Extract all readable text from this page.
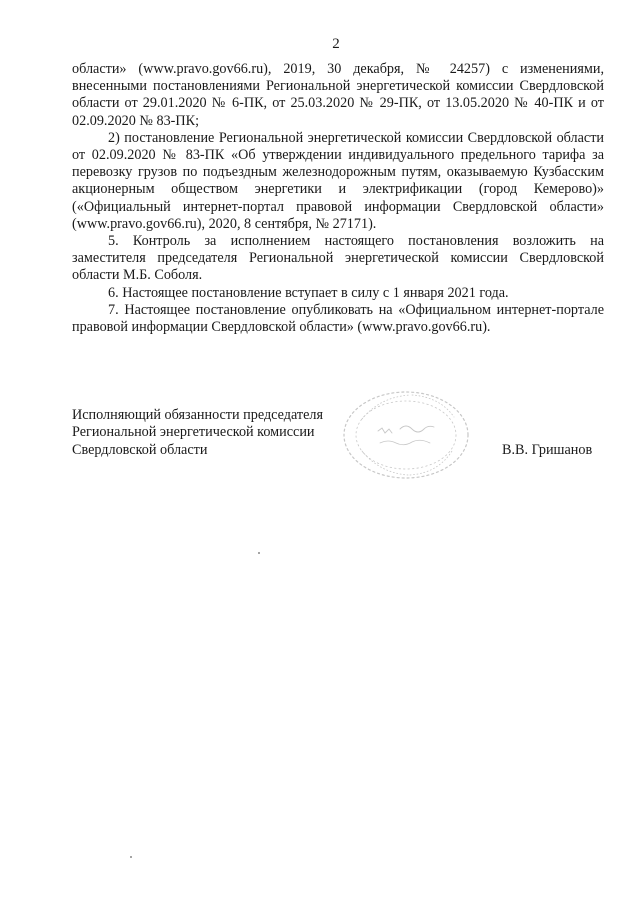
2

области» (www.pravo.gov66.ru), 2019, 30 декабря, № 24257) с изменениями, внесенными постановлениями Региональной энергетической комиссии Свердловской области от 29.01.2020 № 6-ПК, от 25.03.2020 № 29-ПК, от 13.05.2020 № 40-ПК и от 02.09.2020 № 83-ПК;

2) постановление Региональной энергетической комиссии Свердловской области от 02.09.2020 № 83-ПК «Об утверждении индивидуального предельного тарифа за перевозку грузов по подъездным железнодорожным путям, оказываемую Кузбасским акционерным обществом энергетики и электрификации (город Кемерово)» («Официальный интернет-портал правовой информации Свердловской области» (www.pravo.gov66.ru), 2020, 8 сентября, № 27171).

5. Контроль за исполнением настоящего постановления возложить на заместителя председателя Региональной энергетической комиссии Свердловской области М.Б. Соболя.

6. Настоящее постановление вступает в силу с 1 января 2021 года.

7. Настоящее постановление опубликовать на «Официальном интернет-портале правовой информации Свердловской области» (www.pravo.gov66.ru).

Исполняющий обязанности председателя
Региональной энергетической комиссии
Свердловской области	В.В. Гришанов
